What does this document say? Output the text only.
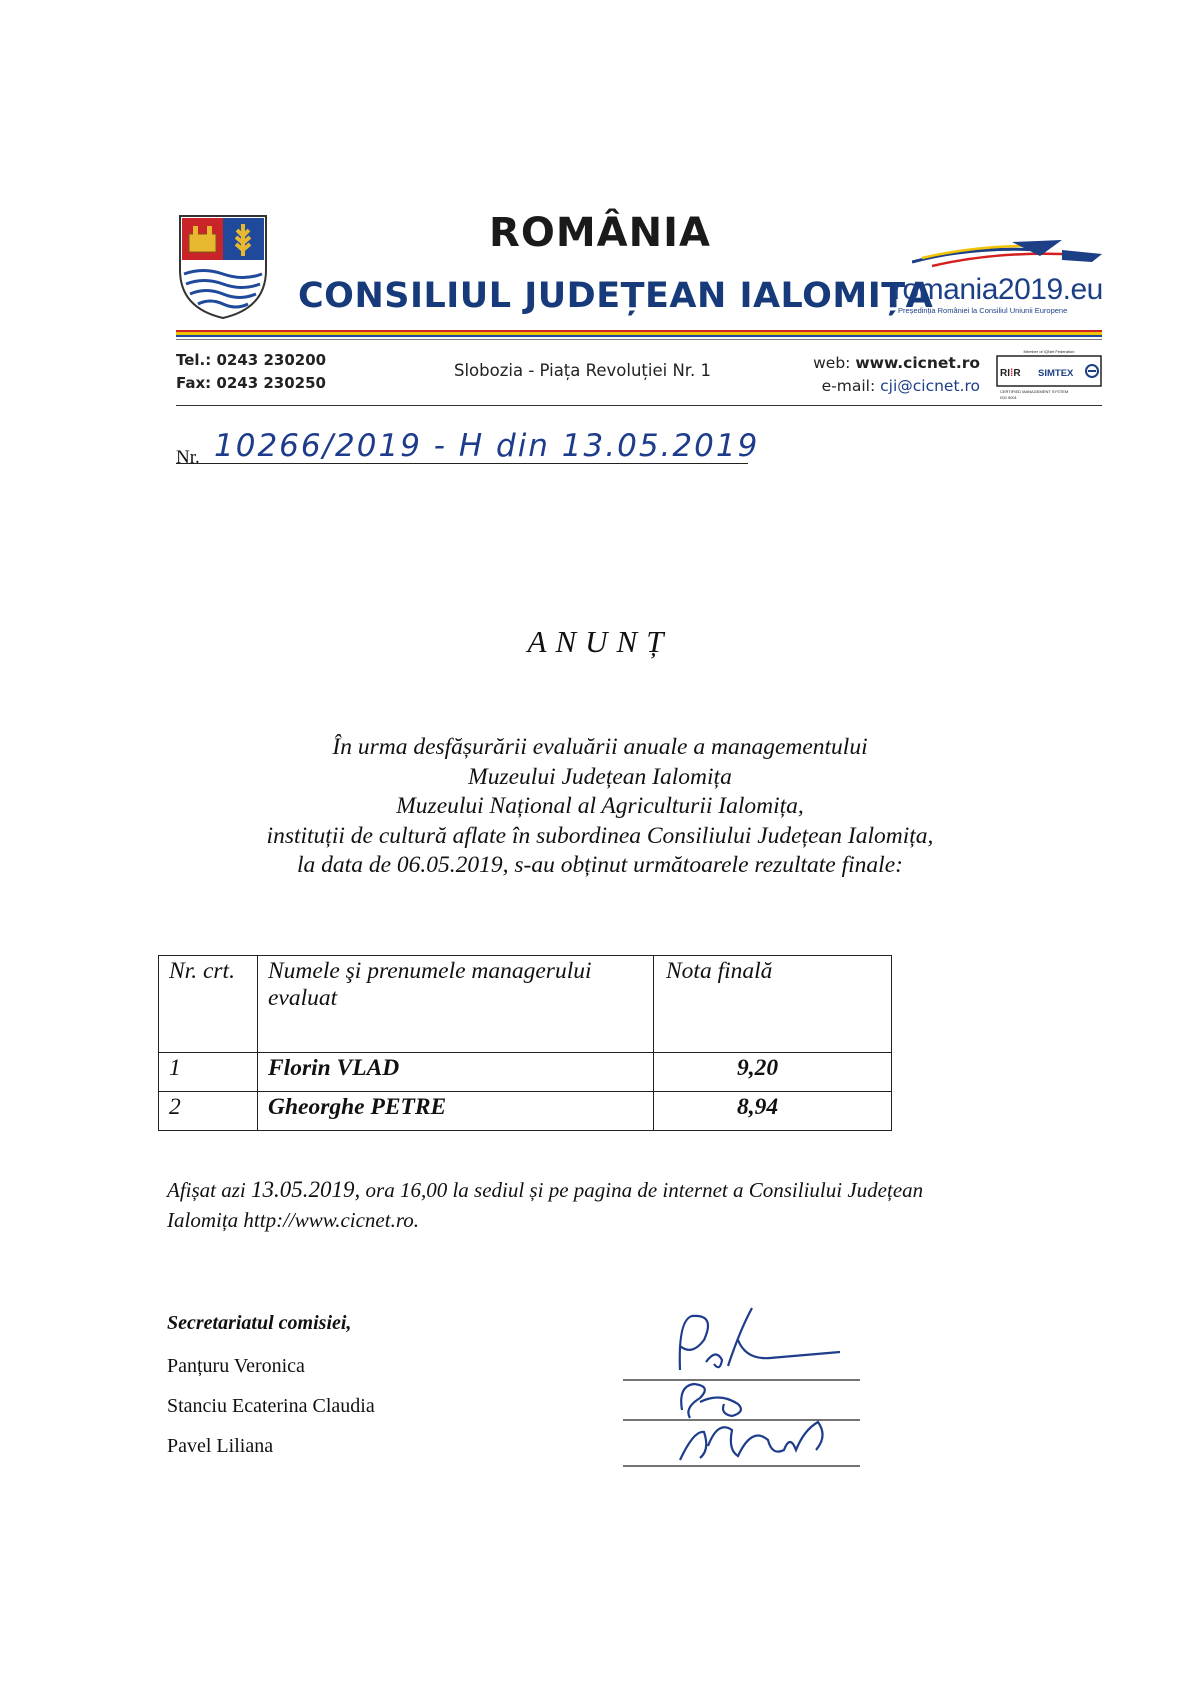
ROMÂNIA
CONSILIUL JUDEȚEAN IALOMIȚA
romania2019.eu
Președinția României la Consiliul Uniunii Europene
Tel.: 0243 230200
Fax: 0243 230250
Slobozia - Piața Revoluției Nr. 1	web: www.cicnet.ro
e-mail: cji@cicnet.ro
Member of IQNet Federation
RI⁞R SIMTEX
CERTIFIED MANAGEMENT SYSTEM
ISO 9001
Nr. 10266/2019 - H din 13.05.2019
ANUNȚ
În urma desfășurării evaluării anuale a managementului
Muzeului Județean Ialomița
Muzeului Național al Agriculturii Ialomița,
instituții de cultură aflate în subordinea Consiliului Județean Ialomița,
la data de 06.05.2019, s-au obținut următoarele rezultate finale:
Nr. crt.	Numele şi prenumele managerului evaluat	Nota finală
1	Florin VLAD	9,20
2	Gheorghe PETRE	8,94
Afișat azi 13.05.2019, ora 16,00 la sediul și pe pagina de internet a Consiliului Județean
Ialomița http://www.cicnet.ro.
Secretariatul comisiei,
Panțuru Veronica
Stanciu Ecaterina Claudia
Pavel Liliana
